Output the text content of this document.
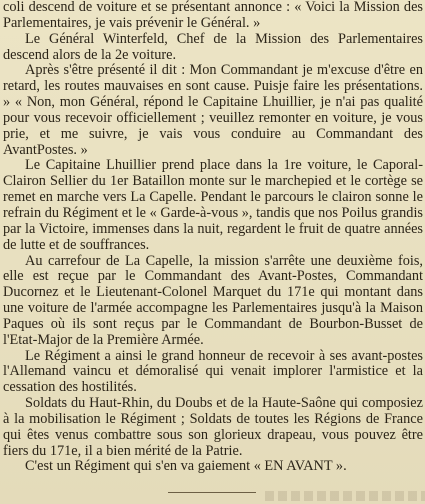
coli descend de voiture et se présentant annonce : « Voici la Mission des Parlementaires, je vais prévenir le Général. »

Le Général Winterfeld, Chef de la Mission des Parlementaires descend alors de la 2e voiture.

Après s'être présenté il dit : Mon Commandant je m'excuse d'être en retard, les routes mauvaises en sont cause. Puisje faire les présentations. » « Non, mon Général, répond le Capitaine Lhuillier, je n'ai pas qualité pour vous recevoir officiellement ; veuillez remonter en voiture, je vous prie, et me suivre, je vais vous conduire au Commandant des AvantPostes. »

Le Capitaine Lhuillier prend place dans la 1re voiture, le Caporal-Clairon Sellier du 1er Bataillon monte sur le marchepied et le cortège se remet en marche vers La Capelle. Pendant le parcours le clairon sonne le refrain du Régiment et le « Garde-à-vous », tandis que nos Poilus grandis par la Victoire, immenses dans la nuit, regardent le fruit de quatre années de lutte et de souffrances.

Au carrefour de La Capelle, la mission s'arrête une deuxième fois, elle est reçue par le Commandant des Avant-Postes, Commandant Ducornez et le Lieutenant-Colonel Marquet du 171e qui montant dans une voiture de l'armée accompagne les Parlementaires jusqu'à la Maison Paques où ils sont reçus par le Commandant de Bourbon-Busset de l'Etat-Major de la Première Armée.

Le Régiment a ainsi le grand honneur de recevoir à ses avant-postes l'Allemand vaincu et démoralisé qui venait implorer l'armistice et la cessation des hostilités.

Soldats du Haut-Rhin, du Doubs et de la Haute-Saône qui composiez à la mobilisation le Régiment ; Soldats de toutes les Régions de France qui êtes venus combattre sous son glorieux drapeau, vous pouvez être fiers du 171e, il a bien mérité de la Patrie.

C'est un Régiment qui s'en va gaiement « EN AVANT ».
